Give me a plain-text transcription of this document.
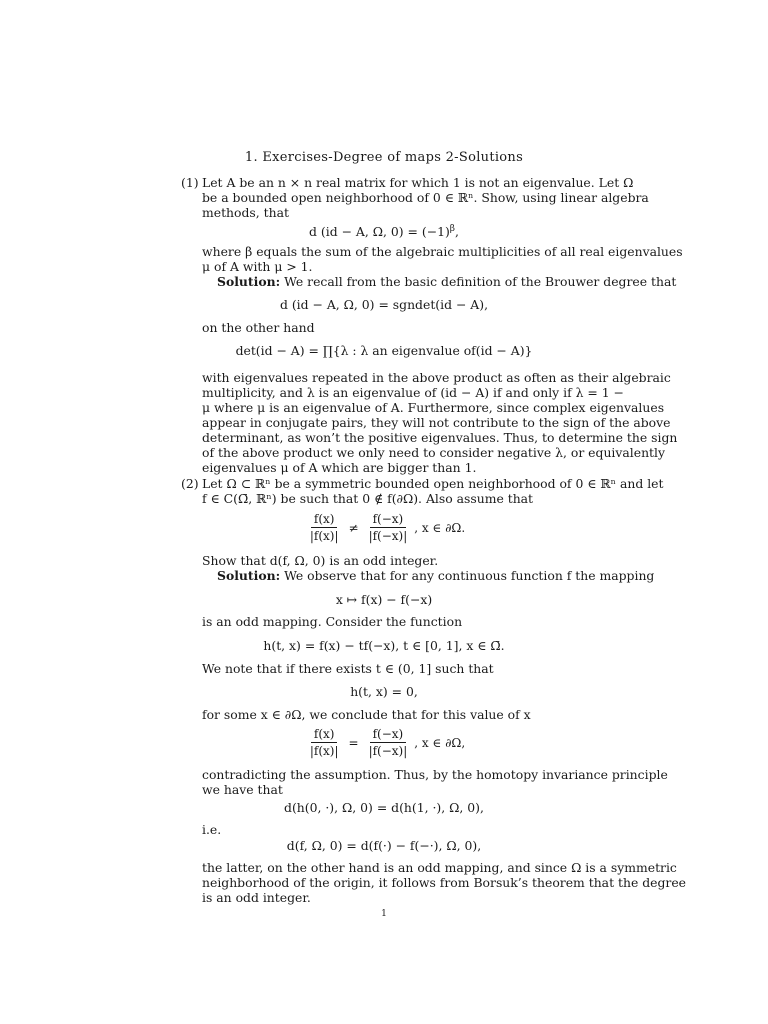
1. Exercises-Degree of maps 2-Solutions
(1) Let A be an n × n real matrix for which 1 is not an eigenvalue. Let Ω
be a bounded open neighborhood of 0 ∈ ℝⁿ. Show, using linear algebra
methods, that
d (id − A, Ω, $0) = (-1)^\beta$,
where β equals the sum of the algebraic multiplicities of all real eigenvalues
μ of A with μ > 1.
Solution: We recall from the basic definition of the Brouwer degree that
d (id − A, Ω, 0) = sgndet(id − A),
on the other hand
det(id − A) = ∏{λ : λ an eigenvalue of(id − A)}
with eigenvalues repeated in the above product as often as their algebraic
multiplicity, and λ is an eigenvalue of (id − A) if and only if λ = 1 −
μ where μ is an eigenvalue of A. Furthermore, since complex eigenvalues
appear in conjugate pairs, they will not contribute to the sign of the above
determinant, as won’t the positive eigenvalues. Thus, to determine the sign
of the above product we only need to consider negative λ, or equivalently
eigenvalues μ of A which are bigger than 1.
(2) Let Ω ⊂ ℝⁿ be a symmetric bounded open neighborhood of 0 ∈ ℝⁿ and let
f ∈ C(Ω̄, ℝⁿ) be such that 0 ∉ f(∂Ω). Also assume that
$\frac{f(x)}{|f(x)|} \ne \frac{f(-x)}{|f(-x)|}$ , x ∈ ∂Ω.
Show that d(f, Ω, 0) is an odd integer.
Solution: We observe that for any continuous function f the mapping
x ↦ f(x) − f(−x)
is an odd mapping. Consider the function
h(t, x) = f(x) − tf(−x), t ∈ [0, 1], x ∈ Ω̄.
We note that if there exists t ∈ (0, 1] such that
h(t, x) = 0,
for some x ∈ ∂Ω, we conclude that for this value of x
$\frac{f(x)}{|f(x)|} = \frac{f(-x)}{|f(-x)|}$ , x ∈ ∂Ω,
contradicting the assumption. Thus, by the homotopy invariance principle
we have that
d(h(0, ·), Ω, 0) = d(h(1, ·), Ω, 0),
i.e.
d(f, Ω, 0) = d(f(·) − f(−·), Ω, 0),
the latter, on the other hand is an odd mapping, and since Ω is a symmetric
neighborhood of the origin, it follows from Borsuk’s theorem that the degree
is an odd integer.
1
